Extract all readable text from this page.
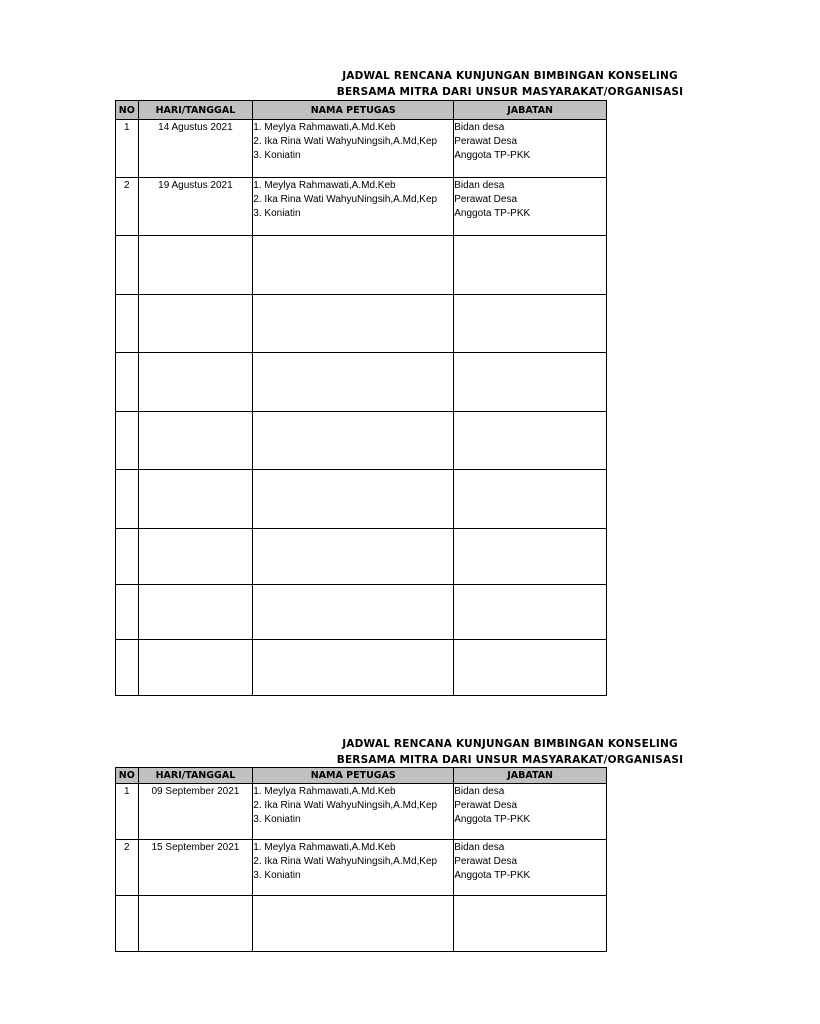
JADWAL RENCANA KUNJUNGAN BIMBINGAN KONSELING
BERSAMA MITRA DARI UNSUR MASYARAKAT/ORGANISASI
NO	HARI/TANGGAL	NAMA PETUGAS	JABATAN
1	14 Agustus 2021	1. Meylya Rahmawati,A.Md.Keb
2. Ika Rina Wati WahyuNingsih,A.Md,Kep
3. Koniatin	Bidan desa
Perawat Desa
Anggota TP-PKK

2	19 Agustus 2021	1. Meylya Rahmawati,A.Md.Keb
2. Ika Rina Wati WahyuNingsih,A.Md,Kep
3. Koniatin	Bidan desa
Perawat Desa
Anggota TP-PKK

JADWAL RENCANA KUNJUNGAN BIMBINGAN KONSELING
BERSAMA MITRA DARI UNSUR MASYARAKAT/ORGANISASI
NO	HARI/TANGGAL	NAMA PETUGAS	JABATAN
1	09 September 2021	1. Meylya Rahmawati,A.Md.Keb
2. Ika Rina Wati WahyuNingsih,A.Md,Kep
3. Koniatin	Bidan desa
Perawat Desa
Anggota TP-PKK

2	15 September 2021	1. Meylya Rahmawati,A.Md.Keb
2. Ika Rina Wati WahyuNingsih,A.Md,Kep
3. Koniatin	Bidan desa
Perawat Desa
Anggota TP-PKK
